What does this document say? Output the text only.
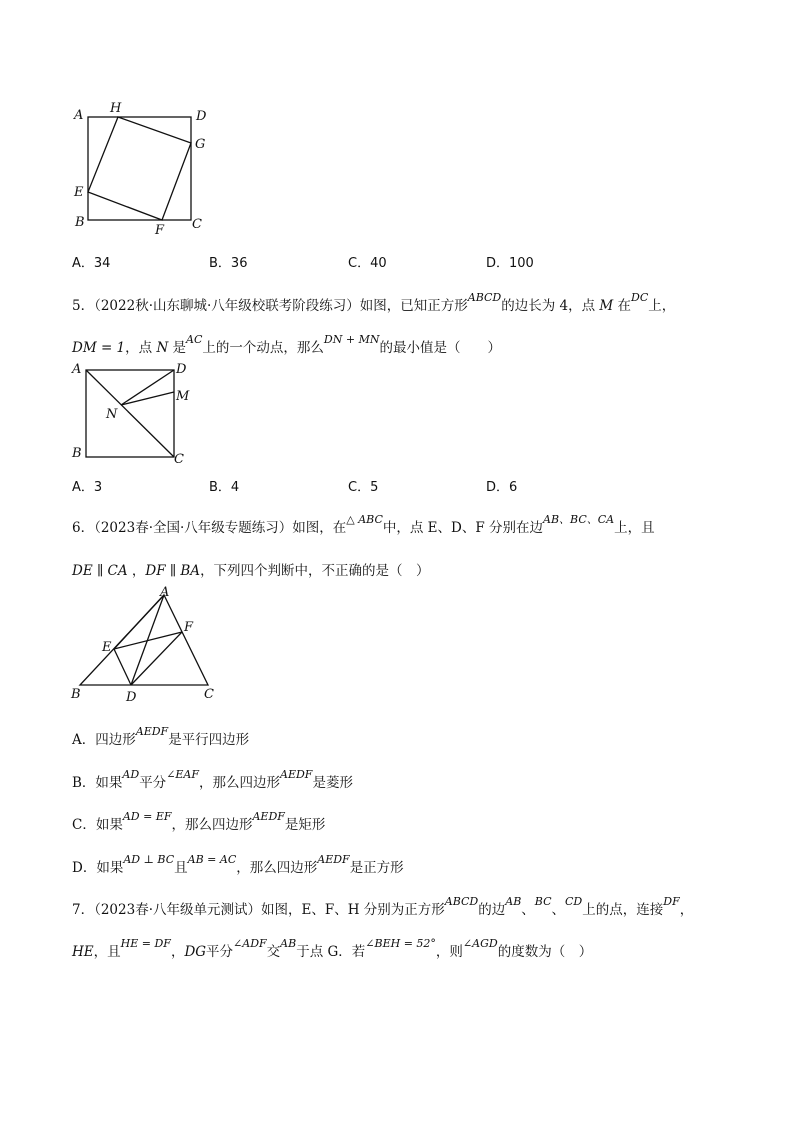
A H
D
G
E
B
F C
A．34	B．36	C．40	D．100
5．（2022秋·山东聊城·八年级校联考阶段练习）如图，已知正方形$^{ABCD}$的边长为 4，点 M 在$^{DC}$上，
DM = 1，点 N 是$^{AC}$上的一个动点，那么$^{DN + MN}$的最小值是（　　）
A	D
M
N
B	C
A．3	B．4	C．5	D．6
6．（2023春·全国·八年级专题练习）如图，在$^{\triangle ABC}$中，点 E、D、F 分别在边$^{AB、BC、CA}$上，且
DE ∥ CA ，DF ∥ BA，下列四个判断中，不正确的是（　）
A
F
E
B	D	C
A．四边形$^{AEDF}$是平行四边形
B．如果$^{AD}$平分$^{\angle EAF}$，那么四边形$^{AEDF}$是菱形
C．如果$^{AD = EF}$，那么四边形$^{AEDF}$是矩形
D．如果$^{AD \perp BC}$且$^{AB = AC}$，那么四边形$^{AEDF}$是正方形
7．（2023春·八年级单元测试）如图，E、F、H 分别为正方形$^{ABCD}$的边$^{AB}$、$^{BC}$、$^{CD}$上的点，连接$^{DF}$，
HE，且$^{HE = DF}$，DG平分$^{\angle ADF}$交$^{AB}$于点 G．若$^{\angle BEH = 52^\circ}$，则$^{\angle AGD}$的度数为（　）
